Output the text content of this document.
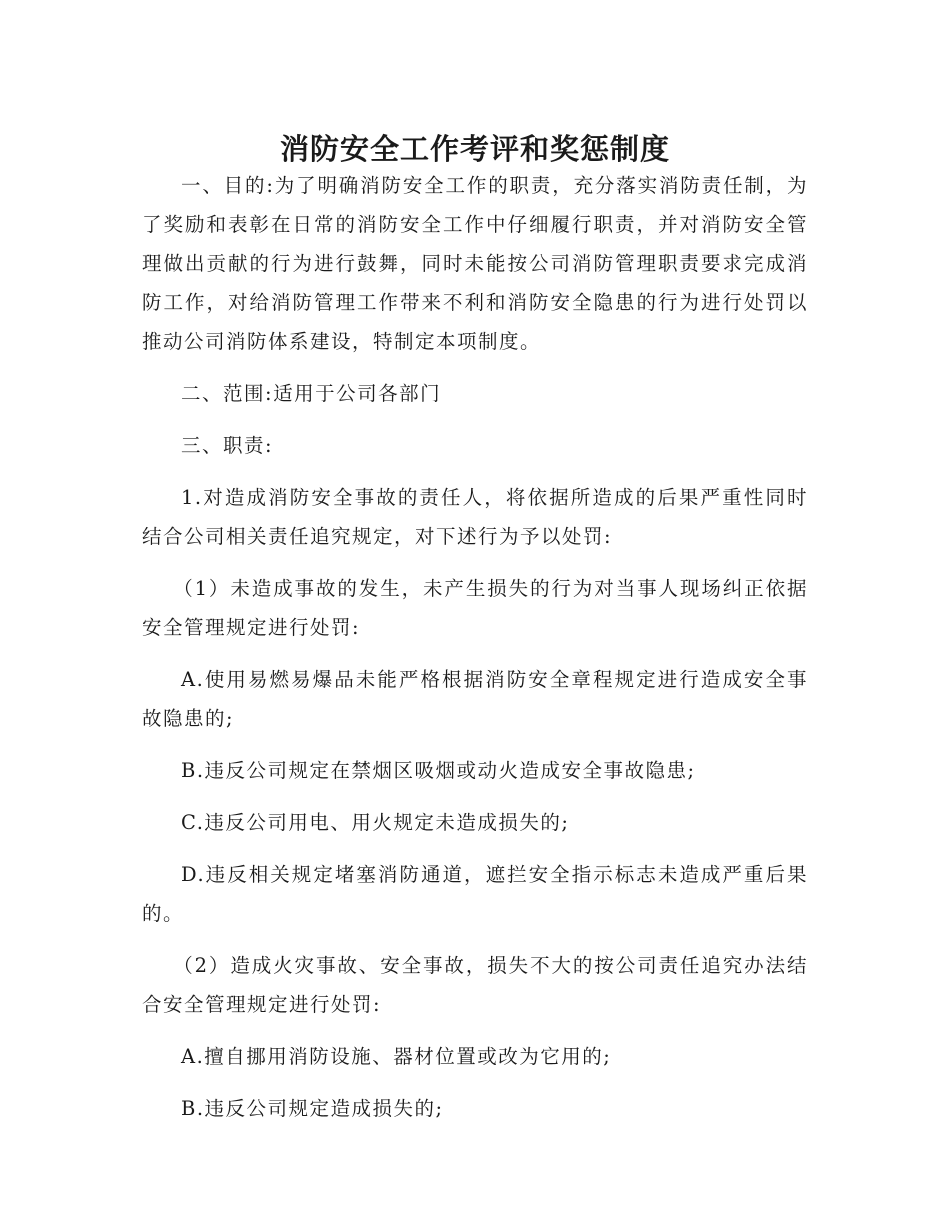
消防安全工作考评和奖惩制度

一、目的:为了明确消防安全工作的职责，充分落实消防责任制，为了奖励和表彰在日常的消防安全工作中仔细履行职责，并对消防安全管理做出贡献的行为进行鼓舞，同时未能按公司消防管理职责要求完成消防工作，对给消防管理工作带来不利和消防安全隐患的行为进行处罚以推动公司消防体系建设，特制定本项制度。

二、范围:适用于公司各部门

三、职责:

1.对造成消防安全事故的责任人，将依据所造成的后果严重性同时结合公司相关责任追究规定，对下述行为予以处罚:

（1）未造成事故的发生，未产生损失的行为对当事人现场纠正依据安全管理规定进行处罚:

A.使用易燃易爆品未能严格根据消防安全章程规定进行造成安全事故隐患的;

B.违反公司规定在禁烟区吸烟或动火造成安全事故隐患;

C.违反公司用电、用火规定未造成损失的;

D.违反相关规定堵塞消防通道，遮拦安全指示标志未造成严重后果的。

（2）造成火灾事故、安全事故，损失不大的按公司责任追究办法结合安全管理规定进行处罚:

A.擅自挪用消防设施、器材位置或改为它用的;

B.违反公司规定造成损失的;
